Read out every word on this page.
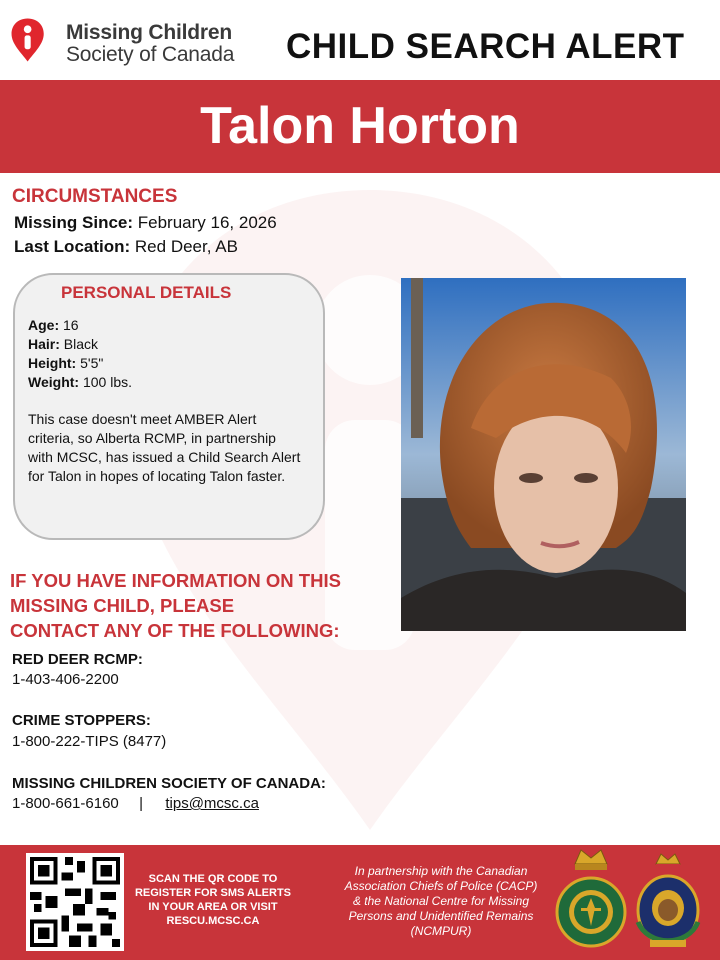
Missing Children
Society of Canada CHILD SEARCH ALERT
Talon Horton
CIRCUMSTANCES
Missing Since: February 16, 2026
Last Location: Red Deer, AB
PERSONAL DETAILS
Age: 16
Hair: Black
Height: 5'5"
Weight: 100 lbs.
This case doesn't meet AMBER Alert criteria, so Alberta RCMP, in partnership with MCSC, has issued a Child Search Alert for Talon in hopes of locating Talon faster.
IF YOU HAVE INFORMATION ON THIS
MISSING CHILD, PLEASE
CONTACT ANY OF THE FOLLOWING:
RED DEER RCMP:
1-403-406-2200
CRIME STOPPERS:
1-800-222-TIPS (8477)
MISSING CHILDREN SOCIETY OF CANADA:
1-800-661-6160 | tips@mcsc.ca
SCAN THE QR CODE TO
REGISTER FOR SMS ALERTS
IN YOUR AREA OR VISIT
RESCU.MCSC.CA
In partnership with the Canadian
Association Chiefs of Police (CACP)
& the National Centre for Missing
Persons and Unidentified Remains
(NCMPUR)
